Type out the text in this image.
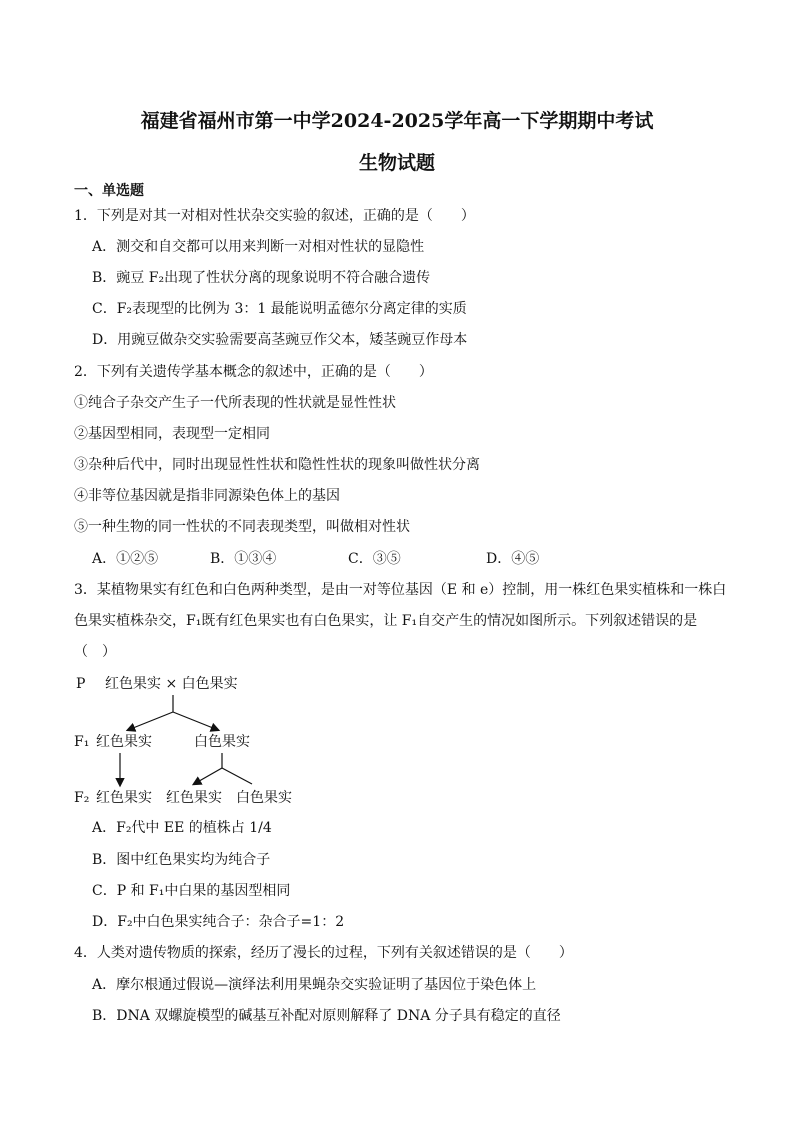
福建省福州市第一中学2024-2025学年高一下学期期中考试
生物试题
一、单选题
1．下列是对其一对相对性状杂交实验的叙述，正确的是（　　）
A．测交和自交都可以用来判断一对相对性状的显隐性
B．豌豆 F₂出现了性状分离的现象说明不符合融合遗传
C．F₂表现型的比例为 3：1 最能说明孟德尔分离定律的实质
D．用豌豆做杂交实验需要高茎豌豆作父本，矮茎豌豆作母本
2．下列有关遗传学基本概念的叙述中，正确的是（　　）
①纯合子杂交产生子一代所表现的性状就是显性性状
②基因型相同，表现型一定相同
③杂种后代中，同时出现显性性状和隐性性状的现象叫做性状分离
④非等位基因就是指非同源染色体上的基因
⑤一种生物的同一性状的不同表现类型，叫做相对性状
A．①②⑤	B．①③④	C．③⑤	D．④⑤
3．某植物果实有红色和白色两种类型，是由一对等位基因（E 和 e）控制，用一株红色果实植株和一株白
色果实植株杂交，F₁既有红色果实也有白色果实，让 F₁自交产生的情况如图所示。下列叙述错误的是
（　）
P 红色果实 × 白色果实
F₁ 红色果实	白色果实
F₂ 红色果实 红色果实 白色果实
A．F₂代中 EE 的植株占 1/4
B．图中红色果实均为纯合子
C．P 和 F₁中白果的基因型相同
D．F₂中白色果实纯合子：杂合子=1：2
4．人类对遗传物质的探索，经历了漫长的过程，下列有关叙述错误的是（　　）
A．摩尔根通过假说—演绎法利用果蝇杂交实验证明了基因位于染色体上
B．DNA 双螺旋模型的碱基互补配对原则解释了 DNA 分子具有稳定的直径
